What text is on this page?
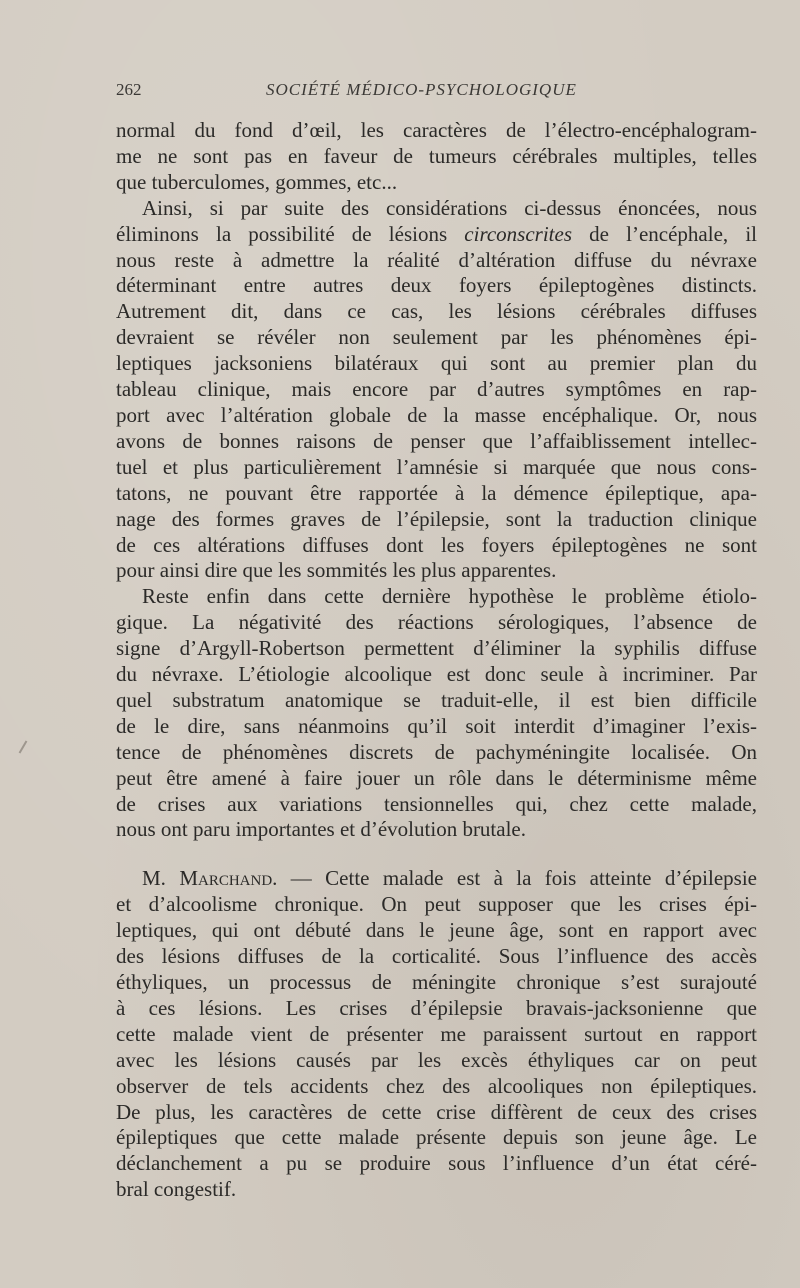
262	SOCIÉTÉ MÉDICO-PSYCHOLOGIQUE

normal du fond d’œil, les caractères de l’électro-encéphalogram-
me ne sont pas en faveur de tumeurs cérébrales multiples, telles
que tuberculomes, gommes, etc...

Ainsi, si par suite des considérations ci-dessus énoncées, nous
éliminons la possibilité de lésions circonscrites de l’encéphale, il
nous reste à admettre la réalité d’altération diffuse du névraxe
déterminant entre autres deux foyers épileptogènes distincts.
Autrement dit, dans ce cas, les lésions cérébrales diffuses
devraient se révéler non seulement par les phénomènes épi-
leptiques jacksoniens bilatéraux qui sont au premier plan du
tableau clinique, mais encore par d’autres symptômes en rap-
port avec l’altération globale de la masse encéphalique. Or, nous
avons de bonnes raisons de penser que l’affaiblissement intellec-
tuel et plus particulièrement l’amnésie si marquée que nous cons-
tatons, ne pouvant être rapportée à la démence épileptique, apa-
nage des formes graves de l’épilepsie, sont la traduction clinique
de ces altérations diffuses dont les foyers épileptogènes ne sont
pour ainsi dire que les sommités les plus apparentes.

Reste enfin dans cette dernière hypothèse le problème étiolo-
gique. La négativité des réactions sérologiques, l’absence de
signe d’Argyll-Robertson permettent d’éliminer la syphilis diffuse
du névraxe. L’étiologie alcoolique est donc seule à incriminer. Par
quel substratum anatomique se traduit-elle, il est bien difficile
de le dire, sans néanmoins qu’il soit interdit d’imaginer l’exis-
tence de phénomènes discrets de pachyméningite localisée. On
peut être amené à faire jouer un rôle dans le déterminisme même
de crises aux variations tensionnelles qui, chez cette malade,
nous ont paru importantes et d’évolution brutale.

M. Marchand. — Cette malade est à la fois atteinte d’épilepsie
et d’alcoolisme chronique. On peut supposer que les crises épi-
leptiques, qui ont débuté dans le jeune âge, sont en rapport avec
des lésions diffuses de la corticalité. Sous l’influence des accès
éthyliques, un processus de méningite chronique s’est surajouté
à ces lésions. Les crises d’épilepsie bravais-jacksonienne que
cette malade vient de présenter me paraissent surtout en rapport
avec les lésions causés par les excès éthyliques car on peut
observer de tels accidents chez des alcooliques non épileptiques.
De plus, les caractères de cette crise diffèrent de ceux des crises
épileptiques que cette malade présente depuis son jeune âge. Le
déclanchement a pu se produire sous l’influence d’un état céré-
bral congestif.
